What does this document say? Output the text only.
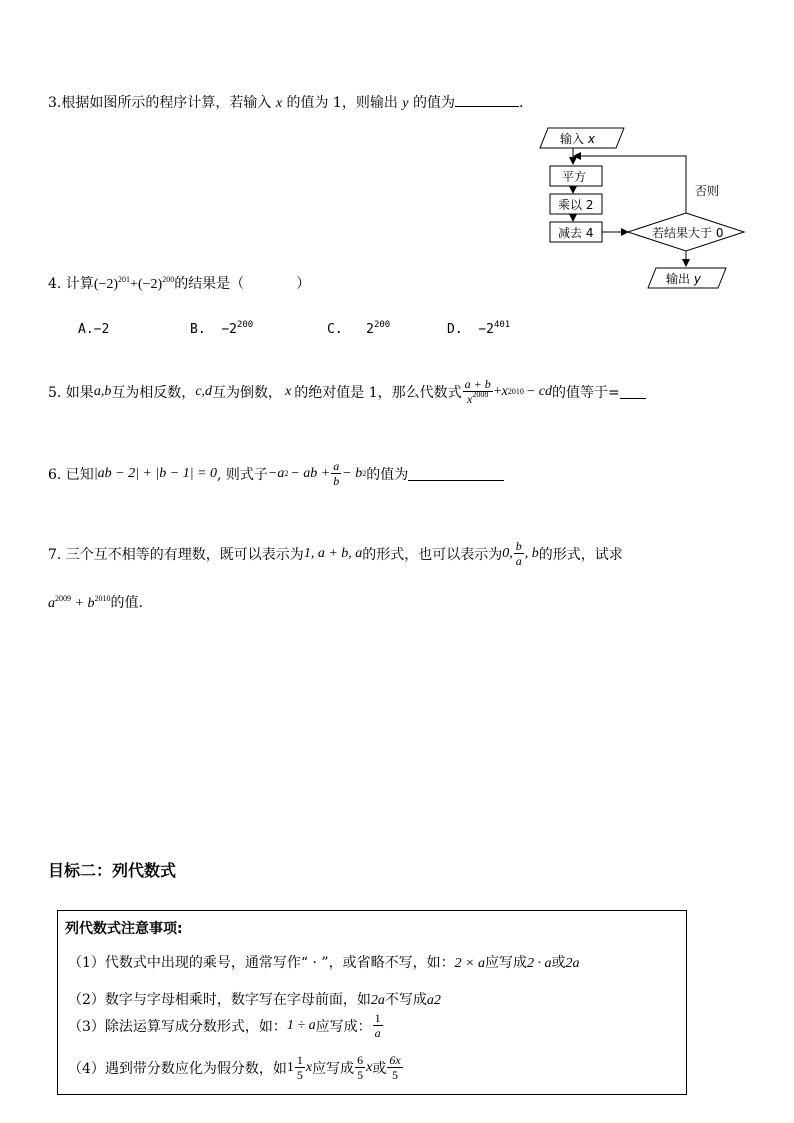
3.根据如图所示的程序计算，若输入 x 的值为 1，则输出 y 的值为	.
输入 x
平方
乘以 2
减去 4	若结果大于 0
否则
输出 y
4. 计算$(-2)^{201}+(-2)^{200}$的结果是（	）
A.−2	B. $-2^{200}$	C. $2^{200}$	D. $-2^{401}$
5. 如果 a,b 互为相反数， c,d 互为倒数， x 的绝对值是 1，那么代数式 $\frac{a + b}{x^{2008}} + x$ 2010 − cd 的值等于=
6. 已知 |ab − 2| + |b − 1| = 0 , 则式子 −a 2 − ab + $\frac{a}{b} - b$ 2 的值为
7. 三个互不相等的有理数，既可以表示为 1, a + b, a 的形式，也可以表示为 0, $\frac{b}{a}$ , b 的形式，试求
$a^{2009} + b^{2010}$的值.
目标二：列代数式
列代数式注意事项:
（1）代数式中出现的乘号，通常写作“ · ”，或省略不写，如：2 × a应写成2 · a或2a
（2）数字与字母相乘时，数字写在字母前面，如2a不写成a2
（3）除法运算写成分数形式，如： 1 ÷ a 应写成： $\frac{1}{a}$
（4）遇到带分数应化为假分数，如 $1 \frac{1}{5}$ x 应写成 $\frac{6}{5}$ x 或 $\frac{6x}{5}$
